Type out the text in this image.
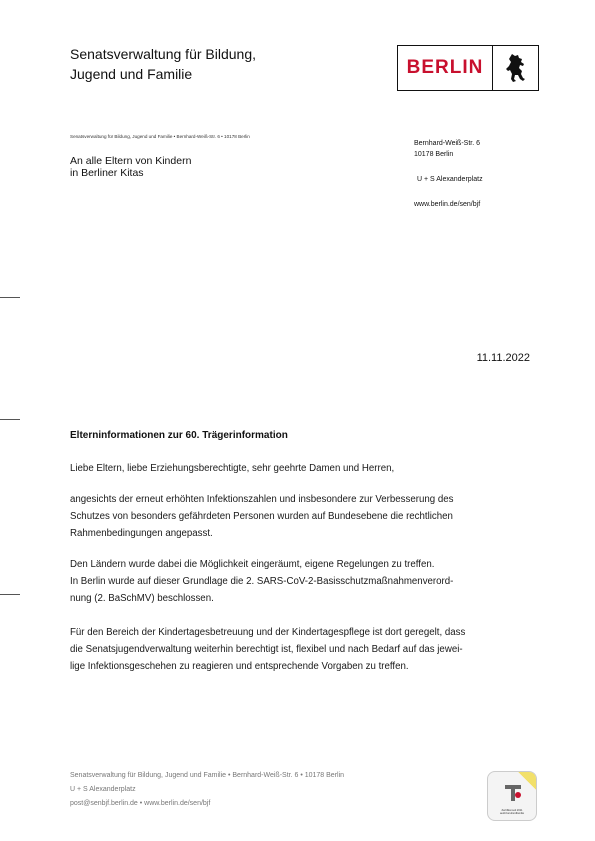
Senatsverwaltung für Bildung,
Jugend und Familie	BERLIN
Senatsverwaltung für Bildung, Jugend und Familie • Bernhard-Weiß-Str. 6 • 10178 Berlin
An alle Eltern von Kindern
in Berliner Kitas
Bernhard-Weiß-Str. 6
10178 Berlin
U + S Alexanderplatz
www.berlin.de/sen/bjf
11.11.2022
Elterninformationen zur 60. Trägerinformation
Liebe Eltern, liebe Erziehungsberechtigte, sehr geehrte Damen und Herren,
angesichts der erneut erhöhten Infektionszahlen und insbesondere zur Verbesserung des
Schutzes von besonders gefährdeten Personen wurden auf Bundesebene die rechtlichen
Rahmenbedingungen angepasst.
Den Ländern wurde dabei die Möglichkeit eingeräumt, eigene Regelungen zu treffen.
In Berlin wurde auf dieser Grundlage die 2. SARS-CoV-2-Basisschutzmaßnahmenverord-
nung (2. BaSchMV) beschlossen.
Für den Bereich der Kindertagesbetreuung und der Kindertagespflege ist dort geregelt, dass
die Senatsjugendverwaltung weiterhin berechtigt ist, flexibel und nach Bedarf auf das jewei-
lige Infektionsgeschehen zu reagieren und entsprechende Vorgaben zu treffen.
Senatsverwaltung für Bildung, Jugend und Familie • Bernhard-Weiß-Str. 6 • 10178 Berlin
U + S Alexanderplatz
post@senbjf.berlin.de • www.berlin.de/sen/bjf
Zertifikat seit 2011
audit berufundfamilie
